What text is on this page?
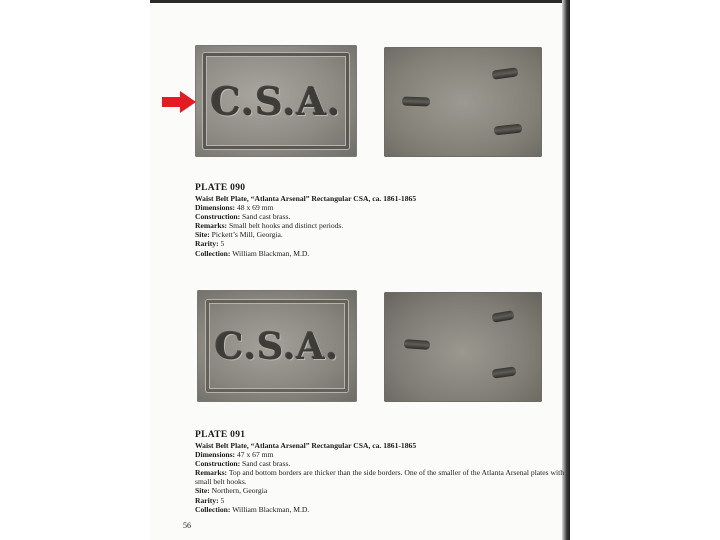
C.S.A.
PLATE 090
Waist Belt Plate, “Atlanta Arsenal” Rectangular CSA, ca. 1861-1865
Dimensions: 48 x 69 mm
Construction: Sand cast brass.
Remarks: Small belt hooks and distinct periods.
Site: Pickett’s Mill, Georgia.
Rarity: 5
Collection: William Blackman, M.D.
C.S.A.
PLATE 091
Waist Belt Plate, “Atlanta Arsenal” Rectangular CSA, ca. 1861-1865
Dimensions: 47 x 67 mm
Construction: Sand cast brass.
Remarks: Top and bottom borders are thicker than the side borders. One of the smaller of the Atlanta Arsenal plates with small belt hooks.
Site: Northern, Georgia
Rarity: 5
Collection: William Blackman, M.D.
56
